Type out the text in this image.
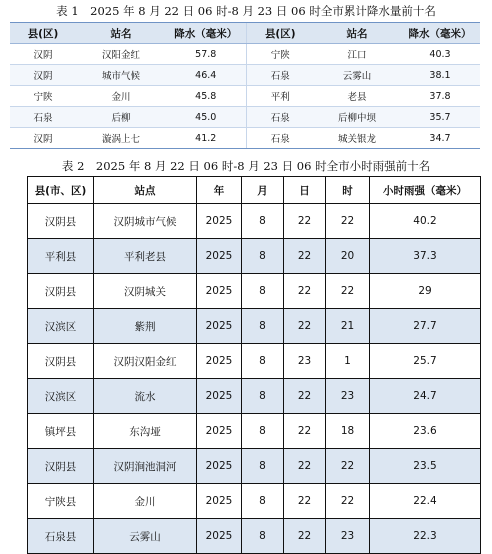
表 1　2025 年 8 月 22 日 06 时-8 月 23 日 06 时全市累计降水量前十名
县(区)	站名	降水（毫米）	县(区)	站名	降水（毫米）
汉阴	汉阳金红	57.8	宁陕	江口	40.3
汉阴	城市气候	46.4	石泉	云雾山	38.1
宁陕	金川	45.8	平利	老县	37.8
石泉	后柳	45.0	石泉	后柳中坝	35.7
汉阴	漩涡上七	41.2	石泉	城关银龙	34.7
表 2　2025 年 8 月 22 日 06 时-8 月 23 日 06 时全市小时雨强前十名
县(市、区)	站点	年	月	日	时	小时雨强（毫米）
汉阴县	汉阴城市气候	2025	8	22	22	40.2
平利县	平利老县	2025	8	22	20	37.3
汉阴县	汉阴城关	2025	8	22	22	29
汉滨区	紫荆	2025	8	22	21	27.7
汉阴县	汉阴汉阳金红	2025	8	23	1	25.7
汉滨区	流水	2025	8	22	23	24.7
镇坪县	东沟垭	2025	8	22	18	23.6
汉阴县	汉阴涧池洞河	2025	8	22	22	23.5
宁陕县	金川	2025	8	22	22	22.4
石泉县	云雾山	2025	8	22	23	22.3
